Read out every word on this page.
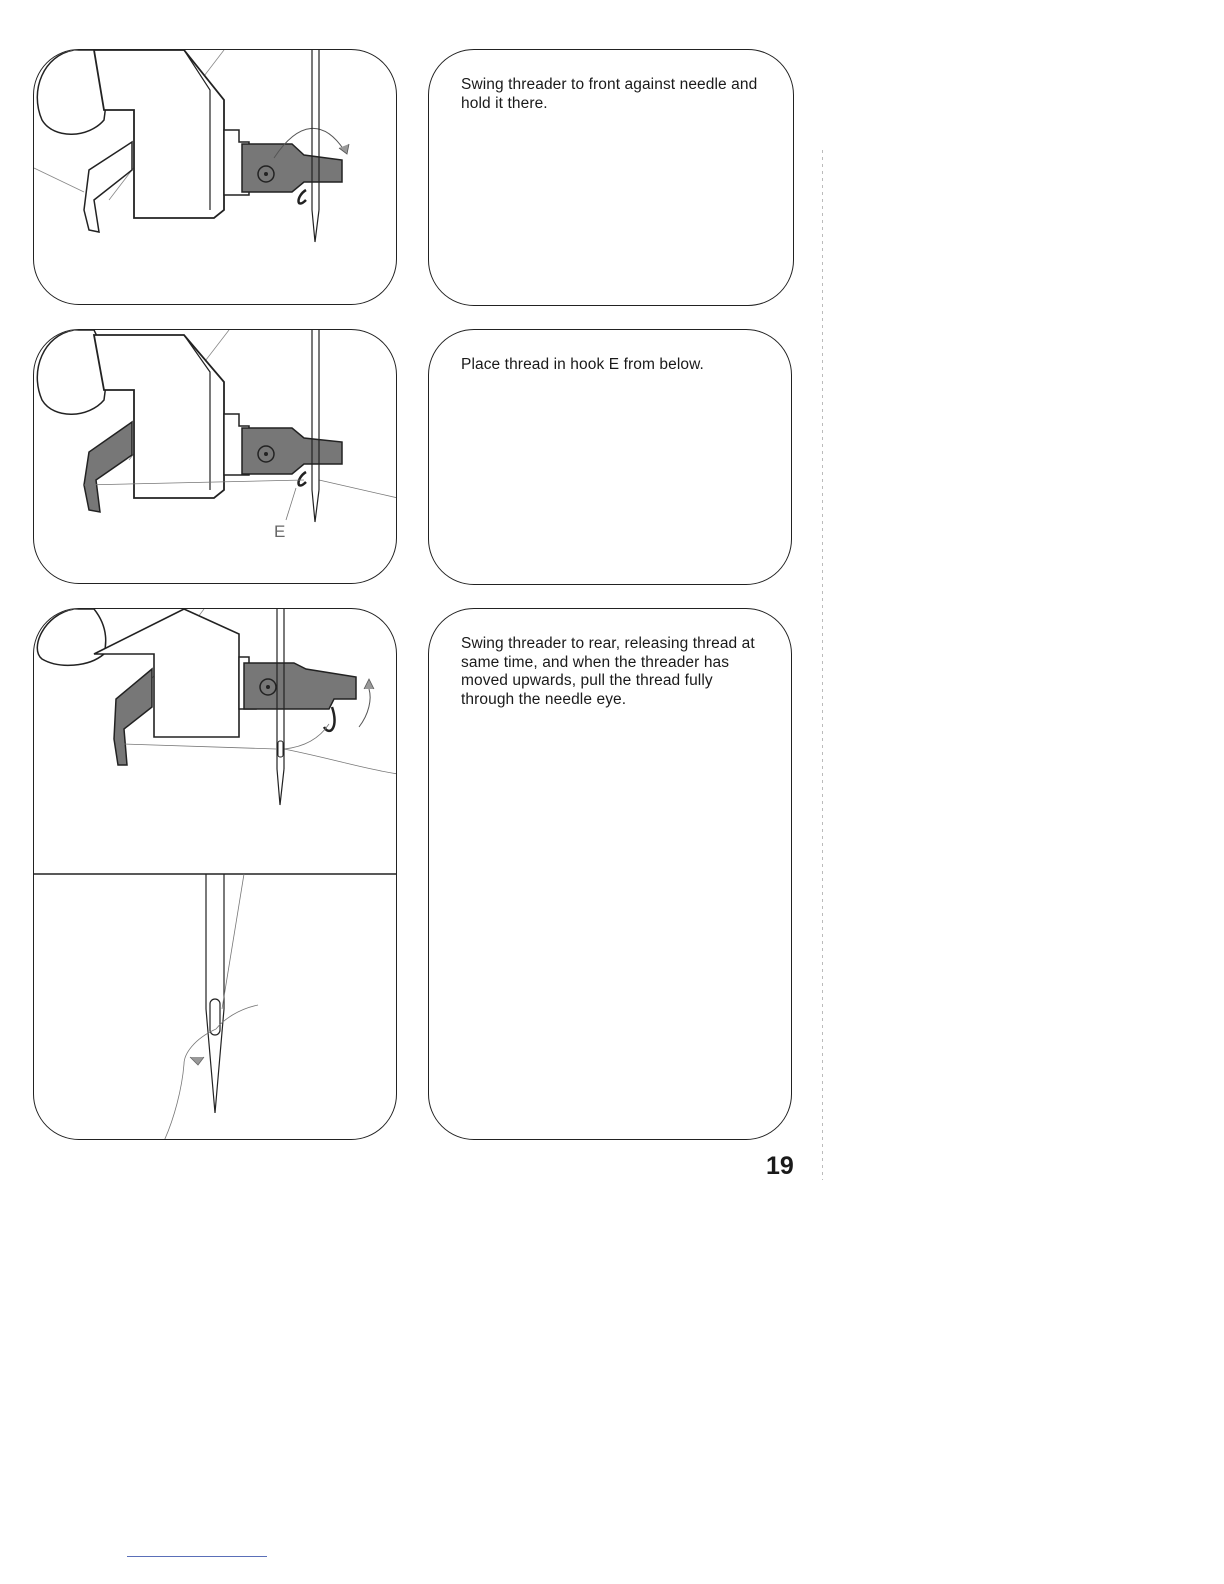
Swing threader to front against needle and hold it there.

E

Place thread in hook E from below.

Swing threader to rear, releasing thread at same time, and when the threader has moved upwards, pull the thread fully through the needle eye.

19
